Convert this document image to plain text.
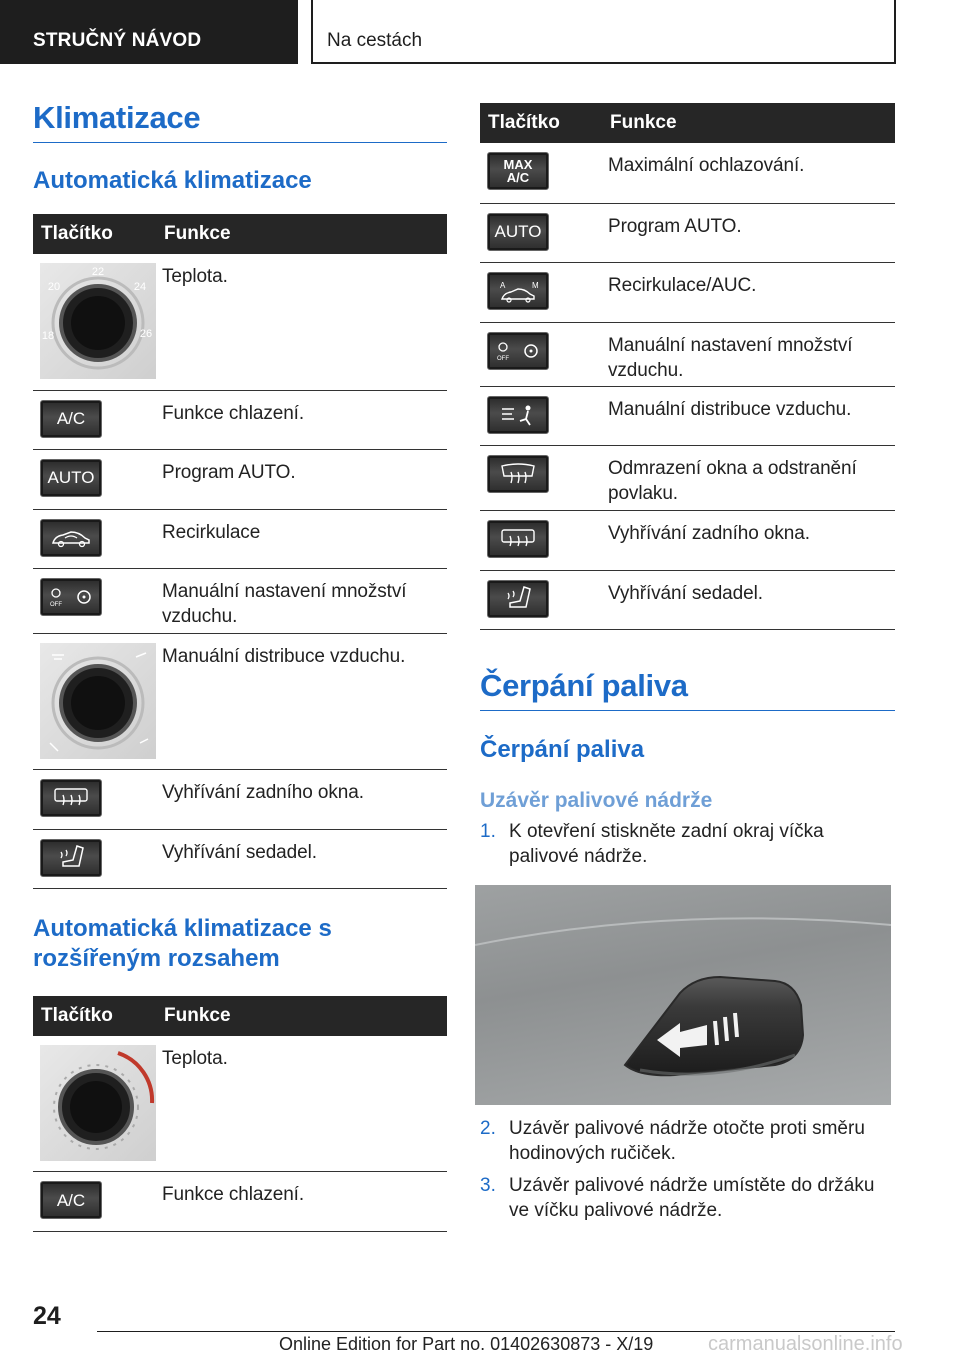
STRUČNÝ NÁVOD	Na cestách
Klimatizace
Automatická klimatizace
Tlačítko	Funkce

22
20 24
18 26	Teplota.

A/C	Funkce chlazení.

AUTO	Program AUTO.

	Recirkulace

OFF	Manuální nastavení množství vzduchu.

	Manuální distribuce vzduchu.

	Vyhřívání zadního okna.

	Vyhřívání sedadel.
Automatická klimatizace s rozšířeným rozsahem
Tlačítko	Funkce

	Teplota.

A/C	Funkce chlazení.
Tlačítko	Funkce

MAX
A/C	Maximální ochlazování.

AUTO	Program AUTO.

A M	Recirkulace/AUC.

OFF	Manuální nastavení množství vzduchu.

	Manuální distribuce vzduchu.

	Odmrazení okna a odstranění povlaku.

	Vyhřívání zadního okna.

	Vyhřívání sedadel.
Čerpání paliva
Čerpání paliva
Uzávěr palivové nádrže
1. K otevření stiskněte zadní okraj víčka palivové nádrže.
2. Uzávěr palivové nádrže otočte proti směru hodinových ručiček.
3. Uzávěr palivové nádrže umístěte do držáku ve víčku palivové nádrže.
24
Online Edition for Part no. 01402630873 - X/19	carmanualsonline.info
